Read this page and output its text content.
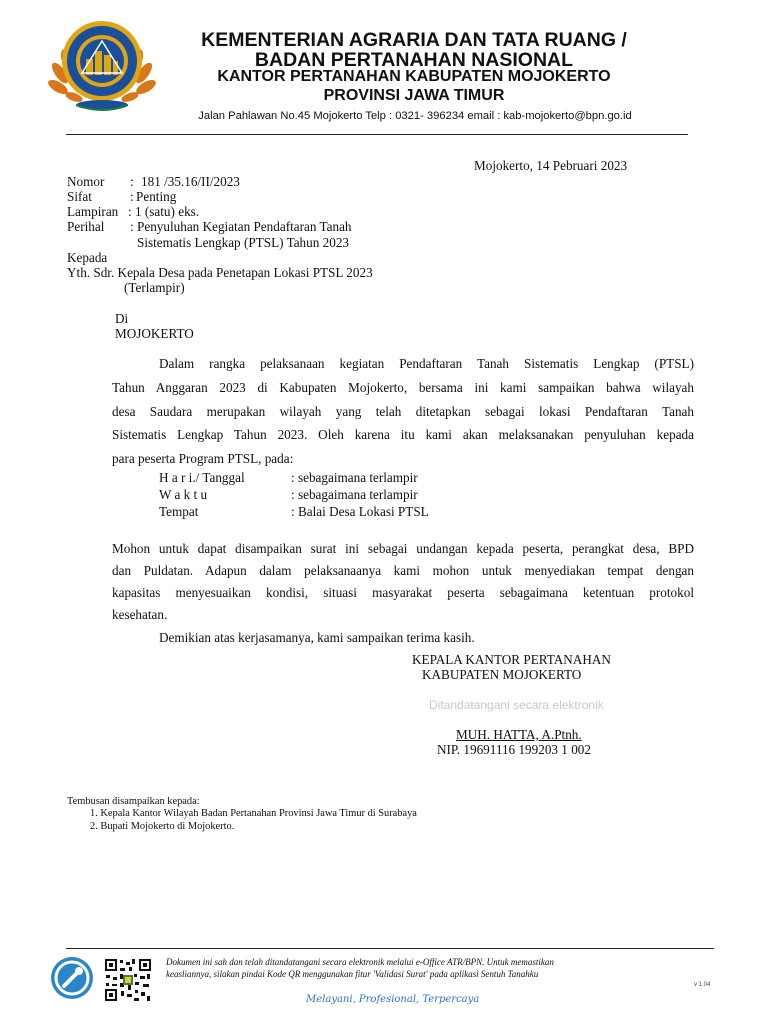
KEMENTERIAN AGRARIA DAN TATA RUANG /
BADAN PERTANAHAN NASIONAL
KANTOR PERTANAHAN KABUPATEN MOJOKERTO
PROVINSI JAWA TIMUR
Jalan Pahlawan No.45 Mojokerto Telp : 0321- 396234 email : kab-mojokerto@bpn.go.id
Mojokerto, 14 Pebruari 2023
Nomor : 181 /35.16/II/2023
Sifat	: Penting
Lampiran : 1 (satu) eks.
Perihal : Penyuluhan Kegiatan Pendaftaran Tanah
Sistematis Lengkap (PTSL) Tahun 2023
Kepada
Yth. Sdr. Kepala Desa pada Penetapan Lokasi PTSL 2023
(Terlampir)
Di
MOJOKERTO
Dalam rangka pelaksanaan kegiatan Pendaftaran Tanah Sistematis Lengkap (PTSL)
Tahun Anggaran 2023 di Kabupaten Mojokerto, bersama ini kami sampaikan bahwa wilayah
desa Saudara merupakan wilayah yang telah ditetapkan sebagai lokasi Pendaftaran Tanah
Sistematis Lengkap Tahun 2023. Oleh karena itu kami akan melaksanakan penyuluhan kepada
para peserta Program PTSL, pada:
H a r i./ Tanggal	: sebagaimana terlampir
W a k t u	: sebagaimana terlampir
Tempat	: Balai Desa Lokasi PTSL
Mohon untuk dapat disampaikan surat ini sebagai undangan kepada peserta, perangkat desa, BPD
dan Puldatan. Adapun dalam pelaksanaanya kami mohon untuk menyediakan tempat dengan
kapasitas menyesuaikan kondisi, situasi masyarakat peserta sebagaimana ketentuan protokol
kesehatan.
Demikian atas kerjasamanya, kami sampaikan terima kasih.
KEPALA KANTOR PERTANAHAN
KABUPATEN MOJOKERTO
Ditandatangani secara elektronik
MUH. HATTA, A.Ptnh.
NIP. 19691116 199203 1 002
Tembusan disampaikan kepada:
1. Kepala Kantor Wilayah Badan Pertanahan Provinsi Jawa Timur di Surabaya
2. Bupati Mojokerto di Mojokerto.
Dokumen ini sah dan telah ditandatangani secara elektronik melalui e-Office ATR/BPN. Untuk memastikan
keasliannya, silakan pindai Kode QR menggunakan fitur 'Validasi Surat' pada aplikasi Sentuh Tanahku
v 1.04
Melayani, Profesional, Terpercaya
